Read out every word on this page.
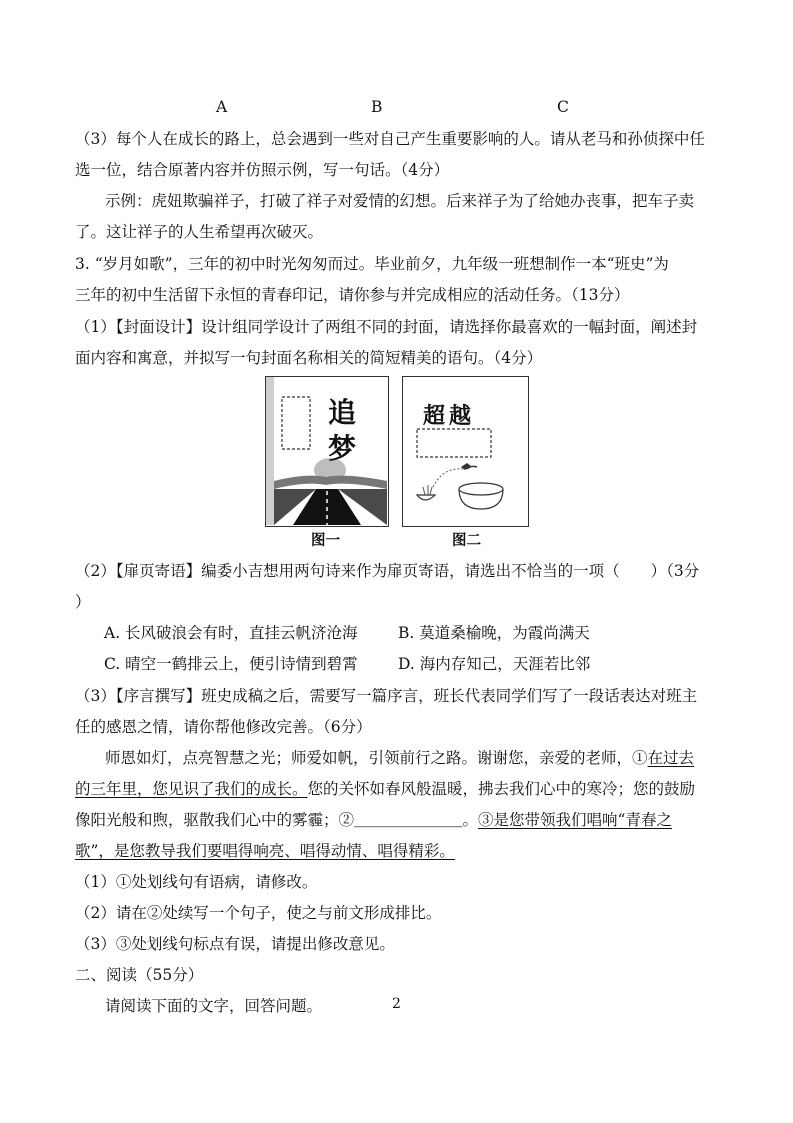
A	B	C
（3）每个人在成长的路上，总会遇到一些对自己产生重要影响的人。请从老马和孙侦探中任
选一位，结合原著内容并仿照示例，写一句话。（4分）
示例：虎妞欺骗祥子，打破了祥子对爱情的幻想。后来祥子为了给她办丧事，把车子卖
了。这让祥子的人生希望再次破灭。
3. “岁月如歌”，三年的初中时光匆匆而过。毕业前夕，九年级一班想制作一本“班史”为
三年的初中生活留下永恒的青春印记，请你参与并完成相应的活动任务。（13分）
（1）【封面设计】设计组同学设计了两组不同的封面，请选择你最喜欢的一幅封面，阐述封
面内容和寓意，并拟写一句封面名称相关的简短精美的语句。（4分）
追
梦
图一
超越
图二
（2）【扉页寄语】编委小吉想用两句诗来作为扉页寄语，请选出不恰当的一项（　　）（3分
）
A. 长风破浪会有时，直挂云帆济沧海	B. 莫道桑榆晚，为霞尚满天
C. 晴空一鹤排云上，便引诗情到碧霄	D. 海内存知己，天涯若比邻
（3）【序言撰写】班史成稿之后，需要写一篇序言，班长代表同学们写了一段话表达对班主
任的感恩之情，请你帮他修改完善。（6分）
师恩如灯，点亮智慧之光；师爱如帆，引领前行之路。谢谢您，亲爱的老师，①在过去
的三年里，您见识了我们的成长。您的关怀如春风般温暖，拂去我们心中的寒冷；您的鼓励
像阳光般和煦，驱散我们心中的雾霾；②＿＿＿＿＿＿＿。③是您带领我们唱响“青春之
歌”，是您教导我们要唱得响亮、唱得动情、唱得精彩。
（1）①处划线句有语病，请修改。
（2）请在②处续写一个句子，使之与前文形成排比。
（3）③处划线句标点有误，请提出修改意见。
二、阅读（55分）
请阅读下面的文字，回答问题。	2
